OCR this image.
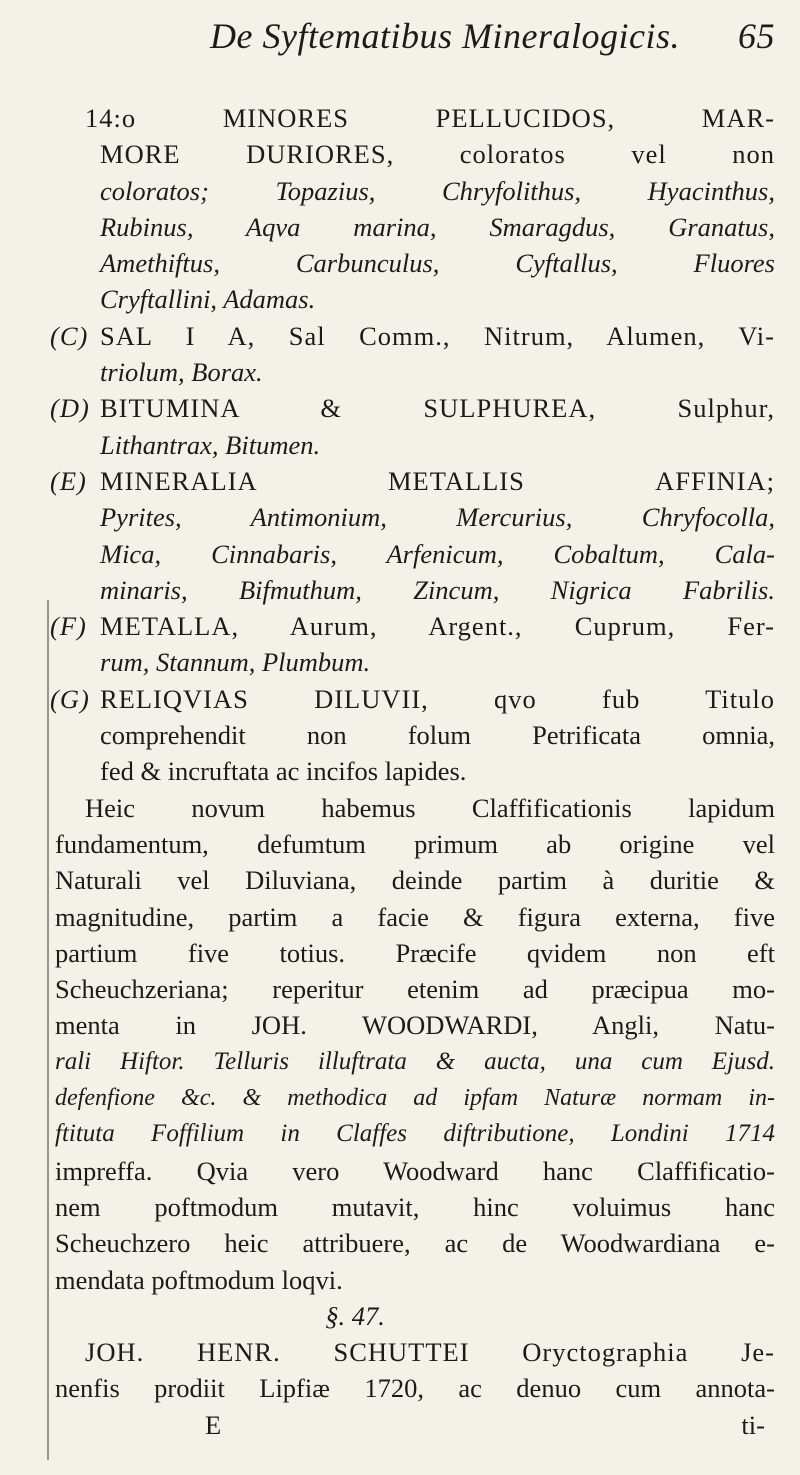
De Syftematibus Mineralogicis. 65
14:o MINORES PELLUCIDOS, MAR-
MORE DURIORES, coloratos vel non
coloratos; Topazius, Chryfolithus, Hyacinthus,
Rubinus, Aqva marina, Smaragdus, Granatus,
Amethiftus, Carbunculus, Cyftallus, Fluores
Cryftallini, Adamas.
(C) SAL I A, Sal Comm., Nitrum, Alumen, Vi-
triolum, Borax.
(D) BITUMINA & SULPHUREA, Sulphur,
Lithantrax, Bitumen.
(E) MINERALIA METALLIS AFFINIA;
Pyrites, Antimonium, Mercurius, Chryfocolla,
Mica, Cinnabaris, Arfenicum, Cobaltum, Cala-
minaris, Bifmuthum, Zincum, Nigrica Fabrilis.
(F) METALLA, Aurum, Argent., Cuprum, Fer-
rum, Stannum, Plumbum.
(G) RELIQVIAS DILUVII, qvo fub Titulo
comprehendit non folum Petrificata omnia,
fed & incruftata ac incifos lapides.
Heic novum habemus Claffificationis lapidum
fundamentum, defumtum primum ab origine vel
Naturali vel Diluviana, deinde partim à duritie &
magnitudine, partim a facie & figura externa, five
partium five totius. Præcife qvidem non eft
Scheuchzeriana; reperitur etenim ad præcipua mo-
menta in JOH. WOODWARDI, Angli, Natu-
rali Hiftor. Telluris illuftrata & aucta, una cum Ejusd.
defenfione &c. & methodica ad ipfam Naturæ normam in-
ftituta Foffilium in Claffes diftributione, Londini 1714
impreffa. Qvia vero Woodward hanc Claffificatio-
nem poftmodum mutavit, hinc voluimus hanc
Scheuchzero heic attribuere, ac de Woodwardiana e-
mendata poftmodum loqvi.
§. 47.
JOH. HENR. SCHUTTEI Oryctographia Je-
nenfis prodiit Lipfiæ 1720, ac denuo cum annota-
E ti-
